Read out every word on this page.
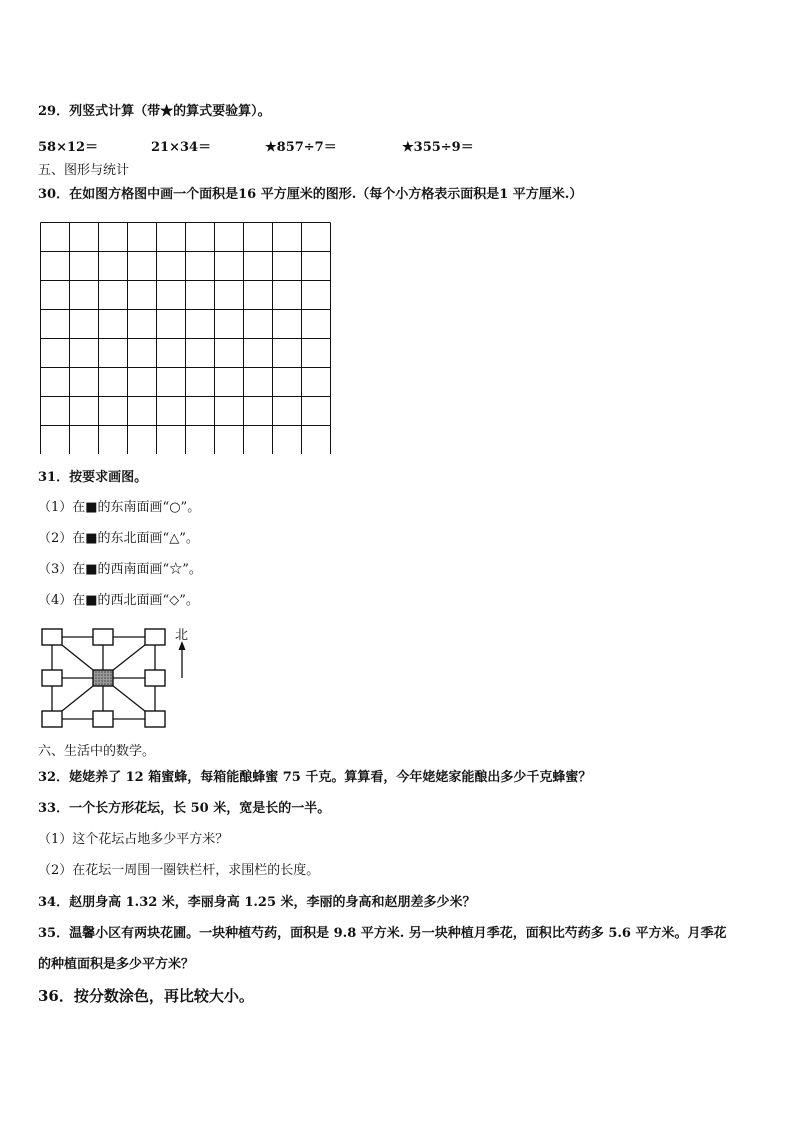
29．列竖式计算（带★的算式要验算）。
58×12＝	21×34＝	★857÷7＝	★355÷9＝
五、图形与统计
30．在如图方格图中画一个面积是16 平方厘米的图形.（每个小方格表示面积是1 平方厘米.）
31．按要求画图。
（1）在■的东南面画“○”。
（2）在■的东北面画“△”。
（3）在■的西南面画“☆”。
（4）在■的西北面画“◇”。
北
六、生活中的数学。
32．姥姥养了 12 箱蜜蜂，每箱能酿蜂蜜 75 千克。算算看，今年姥姥家能酿出多少千克蜂蜜？
33．一个长方形花坛，长 50 米，宽是长的一半。
（1）这个花坛占地多少平方米？
（2）在花坛一周围一圈铁栏杆，求围栏的长度。
34．赵朋身高 1.32 米，李丽身高 1.25 米，李丽的身高和赵朋差多少米？
35．温馨小区有两块花圃。一块种植芍药，面积是 9.8 平方米. 另一块种植月季花，面积比芍药多 5.6 平方米。月季花
的种植面积是多少平方米？
36．按分数涂色，再比较大小。
